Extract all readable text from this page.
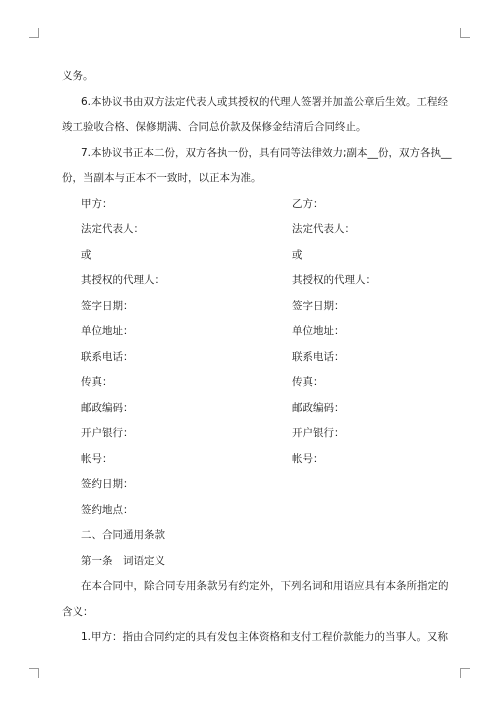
义务。

6.本协议书由双方法定代表人或其授权的代理人签署并加盖公章后生效。工程经

竣工验收合格、保修期满、合同总价款及保修金结清后合同终止。

7.本协议书正本二份，双方各执一份，具有同等法律效力;副本__份，双方各执__

份，当副本与正本不一致时，以正本为准。

甲方：	乙方：
法定代表人：	法定代表人：
或	或
其授权的代理人：	其授权的代理人：
签字日期：	签字日期：
单位地址：	单位地址：
联系电话：	联系电话：
传真：	传真：
邮政编码：	邮政编码：
开户银行：	开户银行：
帐号：	帐号：

签约日期：

签约地点：

二、合同通用条款

第一条　词语定义

在本合同中，除合同专用条款另有约定外，下列名词和用语应具有本条所指定的

含义：

1.甲方：指由合同约定的具有发包主体资格和支付工程价款能力的当事人。又称
